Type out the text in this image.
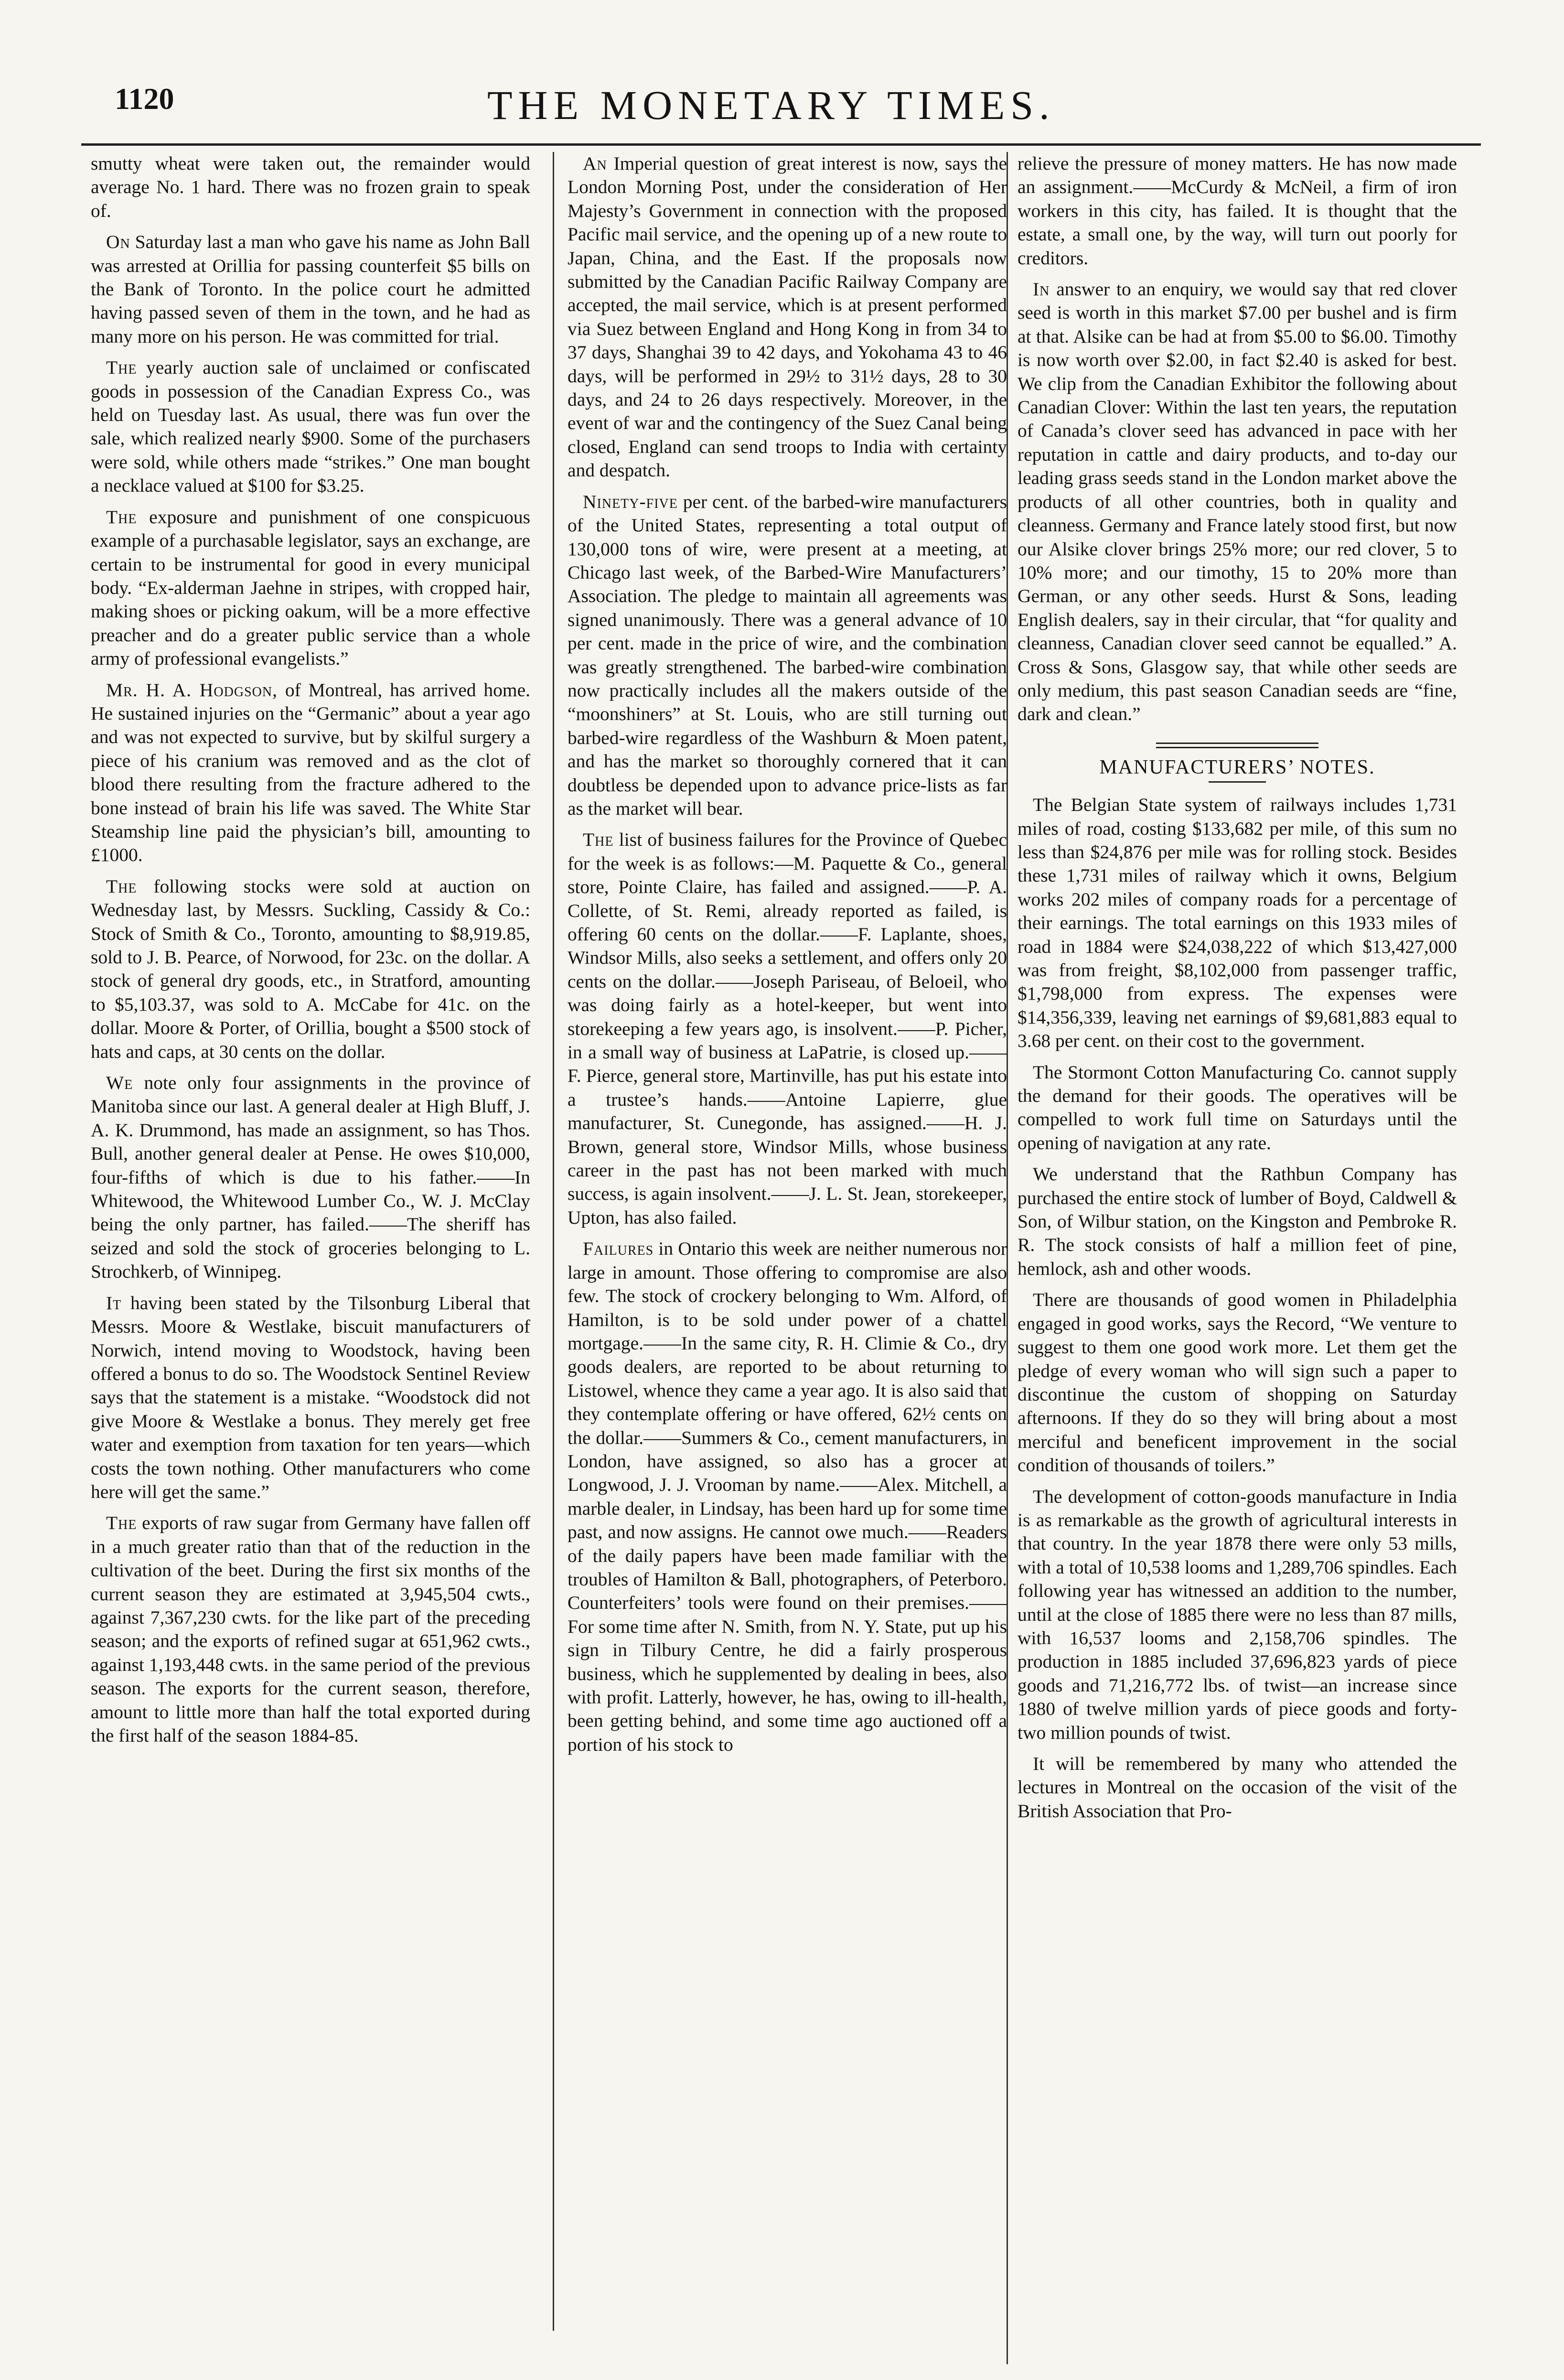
1120	THE MONETARY TIMES.

smutty wheat were taken out, the remainder would average No. 1 hard. There was no frozen grain to speak of.

On Saturday last a man who gave his name as John Ball was arrested at Orillia for passing counterfeit $5 bills on the Bank of Toronto. In the police court he admitted having passed seven of them in the town, and he had as many more on his person. He was committed for trial.

The yearly auction sale of unclaimed or confiscated goods in possession of the Canadian Express Co., was held on Tuesday last. As usual, there was fun over the sale, which realized nearly $900. Some of the purchasers were sold, while others made “strikes.” One man bought a necklace valued at $100 for $3.25.

The exposure and punishment of one conspicuous example of a purchasable legislator, says an exchange, are certain to be instrumental for good in every municipal body. “Ex-alderman Jaehne in stripes, with cropped hair, making shoes or picking oakum, will be a more effective preacher and do a greater public service than a whole army of professional evangelists.”

Mr. H. A. Hodgson, of Montreal, has arrived home. He sustained injuries on the “Germanic” about a year ago and was not expected to survive, but by skilful surgery a piece of his cranium was removed and as the clot of blood there resulting from the fracture adhered to the bone instead of brain his life was saved. The White Star Steamship line paid the physician’s bill, amounting to £1000.

The following stocks were sold at auction on Wednesday last, by Messrs. Suckling, Cassidy & Co.: Stock of Smith & Co., Toronto, amounting to $8,919.85, sold to J. B. Pearce, of Norwood, for 23c. on the dollar. A stock of general dry goods, etc., in Stratford, amounting to $5,103.37, was sold to A. McCabe for 41c. on the dollar. Moore & Porter, of Orillia, bought a $500 stock of hats and caps, at 30 cents on the dollar.

We note only four assignments in the province of Manitoba since our last. A general dealer at High Bluff, J. A. K. Drummond, has made an assignment, so has Thos. Bull, another general dealer at Pense. He owes $10,000, four-fifths of which is due to his father.——In Whitewood, the Whitewood Lumber Co., W. J. McClay being the only partner, has failed.——The sheriff has seized and sold the stock of groceries belonging to L. Strochkerb, of Winnipeg.

It having been stated by the Tilsonburg Liberal that Messrs. Moore & Westlake, biscuit manufacturers of Norwich, intend moving to Woodstock, having been offered a bonus to do so. The Woodstock Sentinel Review says that the statement is a mistake. “Woodstock did not give Moore & Westlake a bonus. They merely get free water and exemption from taxation for ten years—which costs the town nothing. Other manufacturers who come here will get the same.”

The exports of raw sugar from Germany have fallen off in a much greater ratio than that of the reduction in the cultivation of the beet. During the first six months of the current season they are estimated at 3,945,504 cwts., against 7,367,230 cwts. for the like part of the preceding season; and the exports of refined sugar at 651,962 cwts., against 1,193,448 cwts. in the same period of the previous season. The exports for the current season, therefore, amount to little more than half the total exported during the first half of the season 1884-85.

An Imperial question of great interest is now, says the London Morning Post, under the consideration of Her Majesty’s Government in connection with the proposed Pacific mail service, and the opening up of a new route to Japan, China, and the East. If the proposals now submitted by the Canadian Pacific Railway Company are accepted, the mail service, which is at present performed via Suez between England and Hong Kong in from 34 to 37 days, Shanghai 39 to 42 days, and Yokohama 43 to 46 days, will be performed in 29½ to 31½ days, 28 to 30 days, and 24 to 26 days respectively. Moreover, in the event of war and the contingency of the Suez Canal being closed, England can send troops to India with certainty and despatch.

Ninety-five per cent. of the barbed-wire manufacturers of the United States, representing a total output of 130,000 tons of wire, were present at a meeting, at Chicago last week, of the Barbed-Wire Manufacturers’ Association. The pledge to maintain all agreements was signed unanimously. There was a general advance of 10 per cent. made in the price of wire, and the combination was greatly strengthened. The barbed-wire combination now practically includes all the makers outside of the “moonshiners” at St. Louis, who are still turning out barbed-wire regardless of the Washburn & Moen patent, and has the market so thoroughly cornered that it can doubtless be depended upon to advance price-lists as far as the market will bear.

The list of business failures for the Province of Quebec for the week is as follows:—M. Paquette & Co., general store, Pointe Claire, has failed and assigned.——P. A. Collette, of St. Remi, already reported as failed, is offering 60 cents on the dollar.——F. Laplante, shoes, Windsor Mills, also seeks a settlement, and offers only 20 cents on the dollar.——Joseph Pariseau, of Beloeil, who was doing fairly as a hotel-keeper, but went into storekeeping a few years ago, is insolvent.——P. Picher, in a small way of business at LaPatrie, is closed up.——F. Pierce, general store, Martinville, has put his estate into a trustee’s hands.——Antoine Lapierre, glue manufacturer, St. Cunegonde, has assigned.——H. J. Brown, general store, Windsor Mills, whose business career in the past has not been marked with much success, is again insolvent.——J. L. St. Jean, storekeeper, Upton, has also failed.

Failures in Ontario this week are neither numerous nor large in amount. Those offering to compromise are also few. The stock of crockery belonging to Wm. Alford, of Hamilton, is to be sold under power of a chattel mortgage.——In the same city, R. H. Climie & Co., dry goods dealers, are reported to be about returning to Listowel, whence they came a year ago. It is also said that they contemplate offering or have offered, 62½ cents on the dollar.——Summers & Co., cement manufacturers, in London, have assigned, so also has a grocer at Longwood, J. J. Vrooman by name.——Alex. Mitchell, a marble dealer, in Lindsay, has been hard up for some time past, and now assigns. He cannot owe much.——Readers of the daily papers have been made familiar with the troubles of Hamilton & Ball, photographers, of Peterboro. Counterfeiters’ tools were found on their premises.——For some time after N. Smith, from N. Y. State, put up his sign in Tilbury Centre, he did a fairly prosperous business, which he supplemented by dealing in bees, also with profit. Latterly, however, he has, owing to ill-health, been getting behind, and some time ago auctioned off a portion of his stock to

relieve the pressure of money matters. He has now made an assignment.——McCurdy & McNeil, a firm of iron workers in this city, has failed. It is thought that the estate, a small one, by the way, will turn out poorly for creditors.

In answer to an enquiry, we would say that red clover seed is worth in this market $7.00 per bushel and is firm at that. Alsike can be had at from $5.00 to $6.00. Timothy is now worth over $2.00, in fact $2.40 is asked for best. We clip from the Canadian Exhibitor the following about Canadian Clover: Within the last ten years, the reputation of Canada’s clover seed has advanced in pace with her reputation in cattle and dairy products, and to-day our leading grass seeds stand in the London market above the products of all other countries, both in quality and cleanness. Germany and France lately stood first, but now our Alsike clover brings 25% more; our red clover, 5 to 10% more; and our timothy, 15 to 20% more than German, or any other seeds. Hurst & Sons, leading English dealers, say in their circular, that “for quality and cleanness, Canadian clover seed cannot be equalled.” A. Cross & Sons, Glasgow say, that while other seeds are only medium, this past season Canadian seeds are “fine, dark and clean.”

MANUFACTURERS’ NOTES.

The Belgian State system of railways includes 1,731 miles of road, costing $133,682 per mile, of this sum no less than $24,876 per mile was for rolling stock. Besides these 1,731 miles of railway which it owns, Belgium works 202 miles of company roads for a percentage of their earnings. The total earnings on this 1933 miles of road in 1884 were $24,038,222 of which $13,427,000 was from freight, $8,102,000 from passenger traffic, $1,798,000 from express. The expenses were $14,356,339, leaving net earnings of $9,681,883 equal to 3.68 per cent. on their cost to the government.

The Stormont Cotton Manufacturing Co. cannot supply the demand for their goods. The operatives will be compelled to work full time on Saturdays until the opening of navigation at any rate.

We understand that the Rathbun Company has purchased the entire stock of lumber of Boyd, Caldwell & Son, of Wilbur station, on the Kingston and Pembroke R. R. The stock consists of half a million feet of pine, hemlock, ash and other woods.

There are thousands of good women in Philadelphia engaged in good works, says the Record, “We venture to suggest to them one good work more. Let them get the pledge of every woman who will sign such a paper to discontinue the custom of shopping on Saturday afternoons. If they do so they will bring about a most merciful and beneficent improvement in the social condition of thousands of toilers.”

The development of cotton-goods manufacture in India is as remarkable as the growth of agricultural interests in that country. In the year 1878 there were only 53 mills, with a total of 10,538 looms and 1,289,706 spindles. Each following year has witnessed an addition to the number, until at the close of 1885 there were no less than 87 mills, with 16,537 looms and 2,158,706 spindles. The production in 1885 included 37,696,823 yards of piece goods and 71,216,772 lbs. of twist—an increase since 1880 of twelve million yards of piece goods and forty-two million pounds of twist.

It will be remembered by many who attended the lectures in Montreal on the occasion of the visit of the British Association that Pro-
